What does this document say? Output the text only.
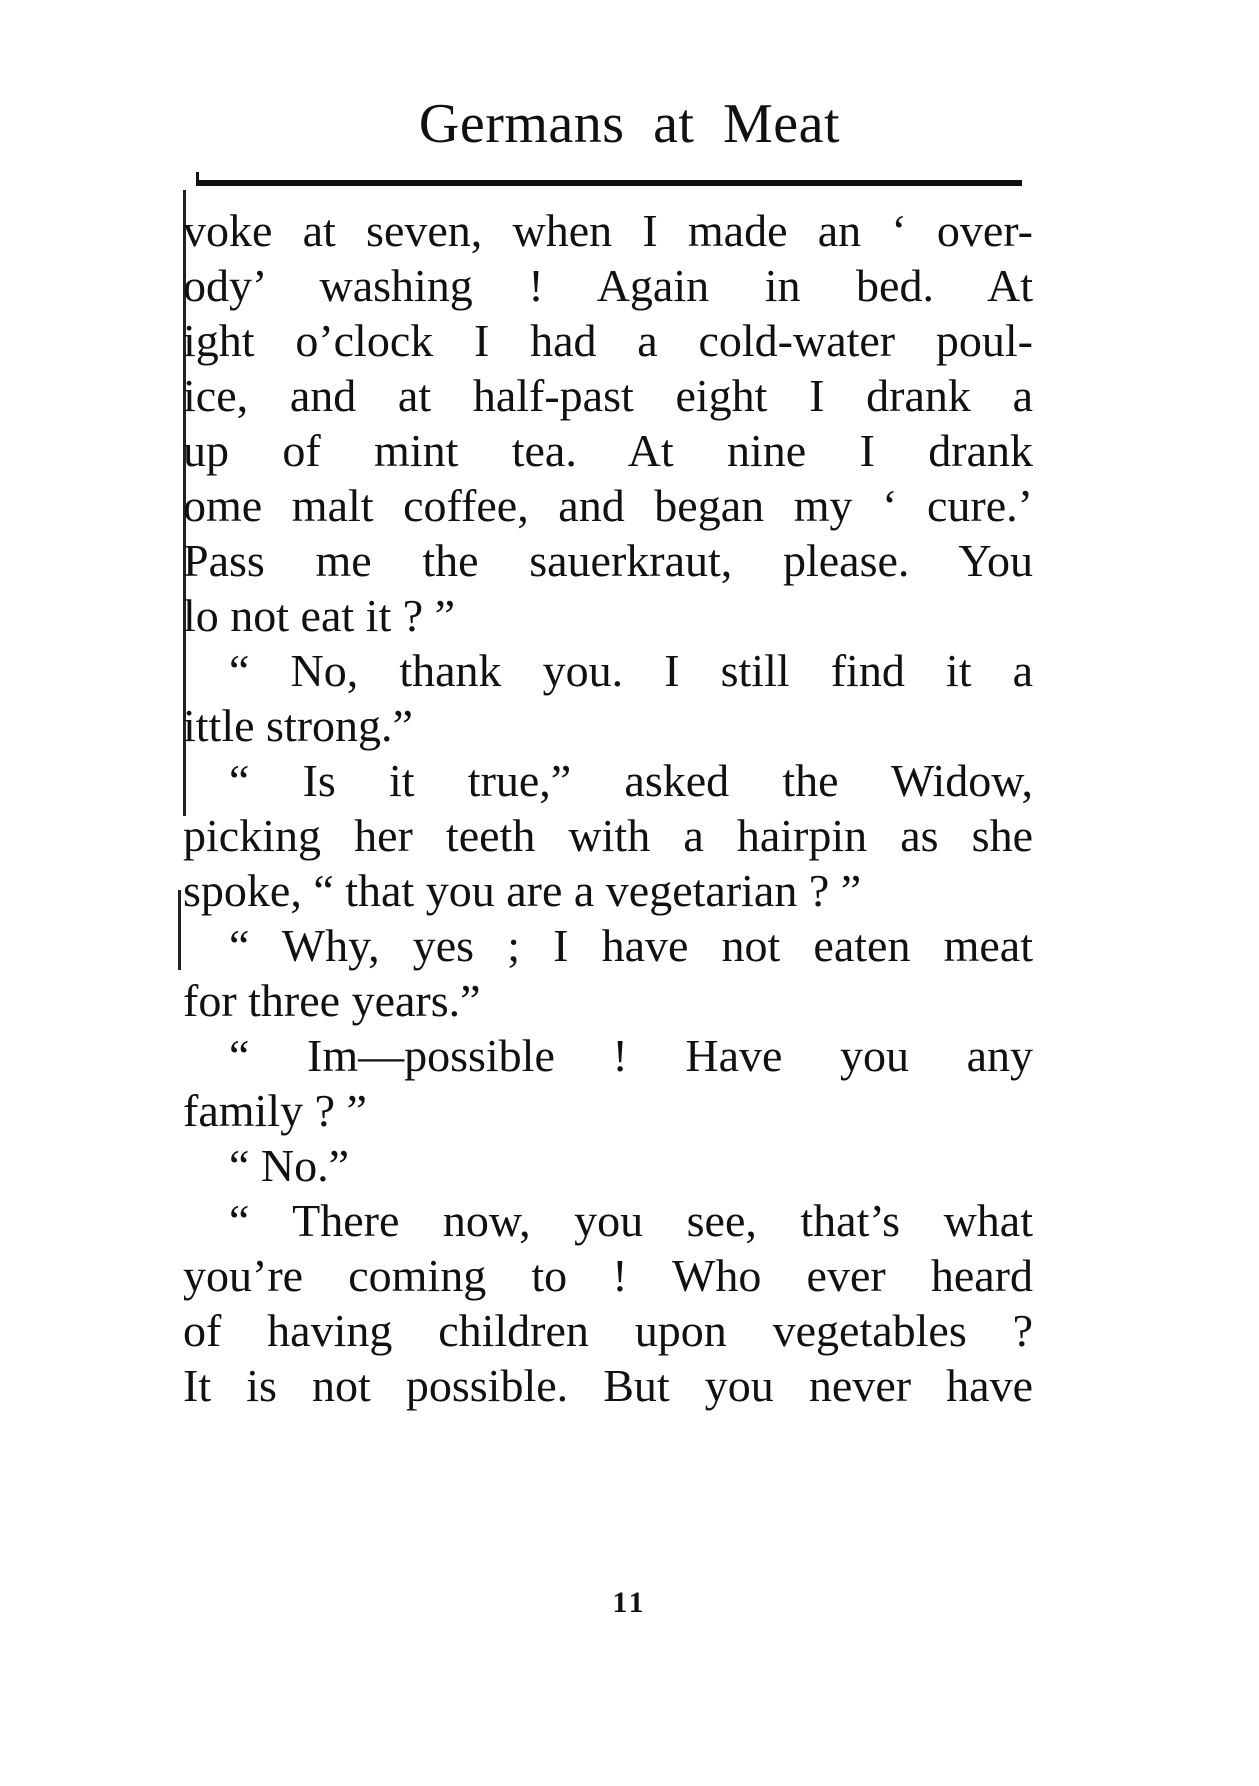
Germans at Meat
voke at seven, when I made an ‘ over-
ody’ washing ! Again in bed. At
ight o’clock I had a cold-water poul-
ice, and at half-past eight I drank a
up of mint tea. At nine I drank
ome malt coffee, and began my ‘ cure.’
Pass me the sauerkraut, please. You
lo not eat it ? ”
“ No, thank you. I still find it a
ittle strong.”
“ Is it true,” asked the Widow,
picking her teeth with a hairpin as she
spoke, “ that you are a vegetarian ? ”
“ Why, yes ; I have not eaten meat
for three years.”
“ Im—possible ! Have you any
family ? ”
“ No.”
“ There now, you see, that’s what
you’re coming to ! Who ever heard
of having children upon vegetables ?
It is not possible. But you never have
11
